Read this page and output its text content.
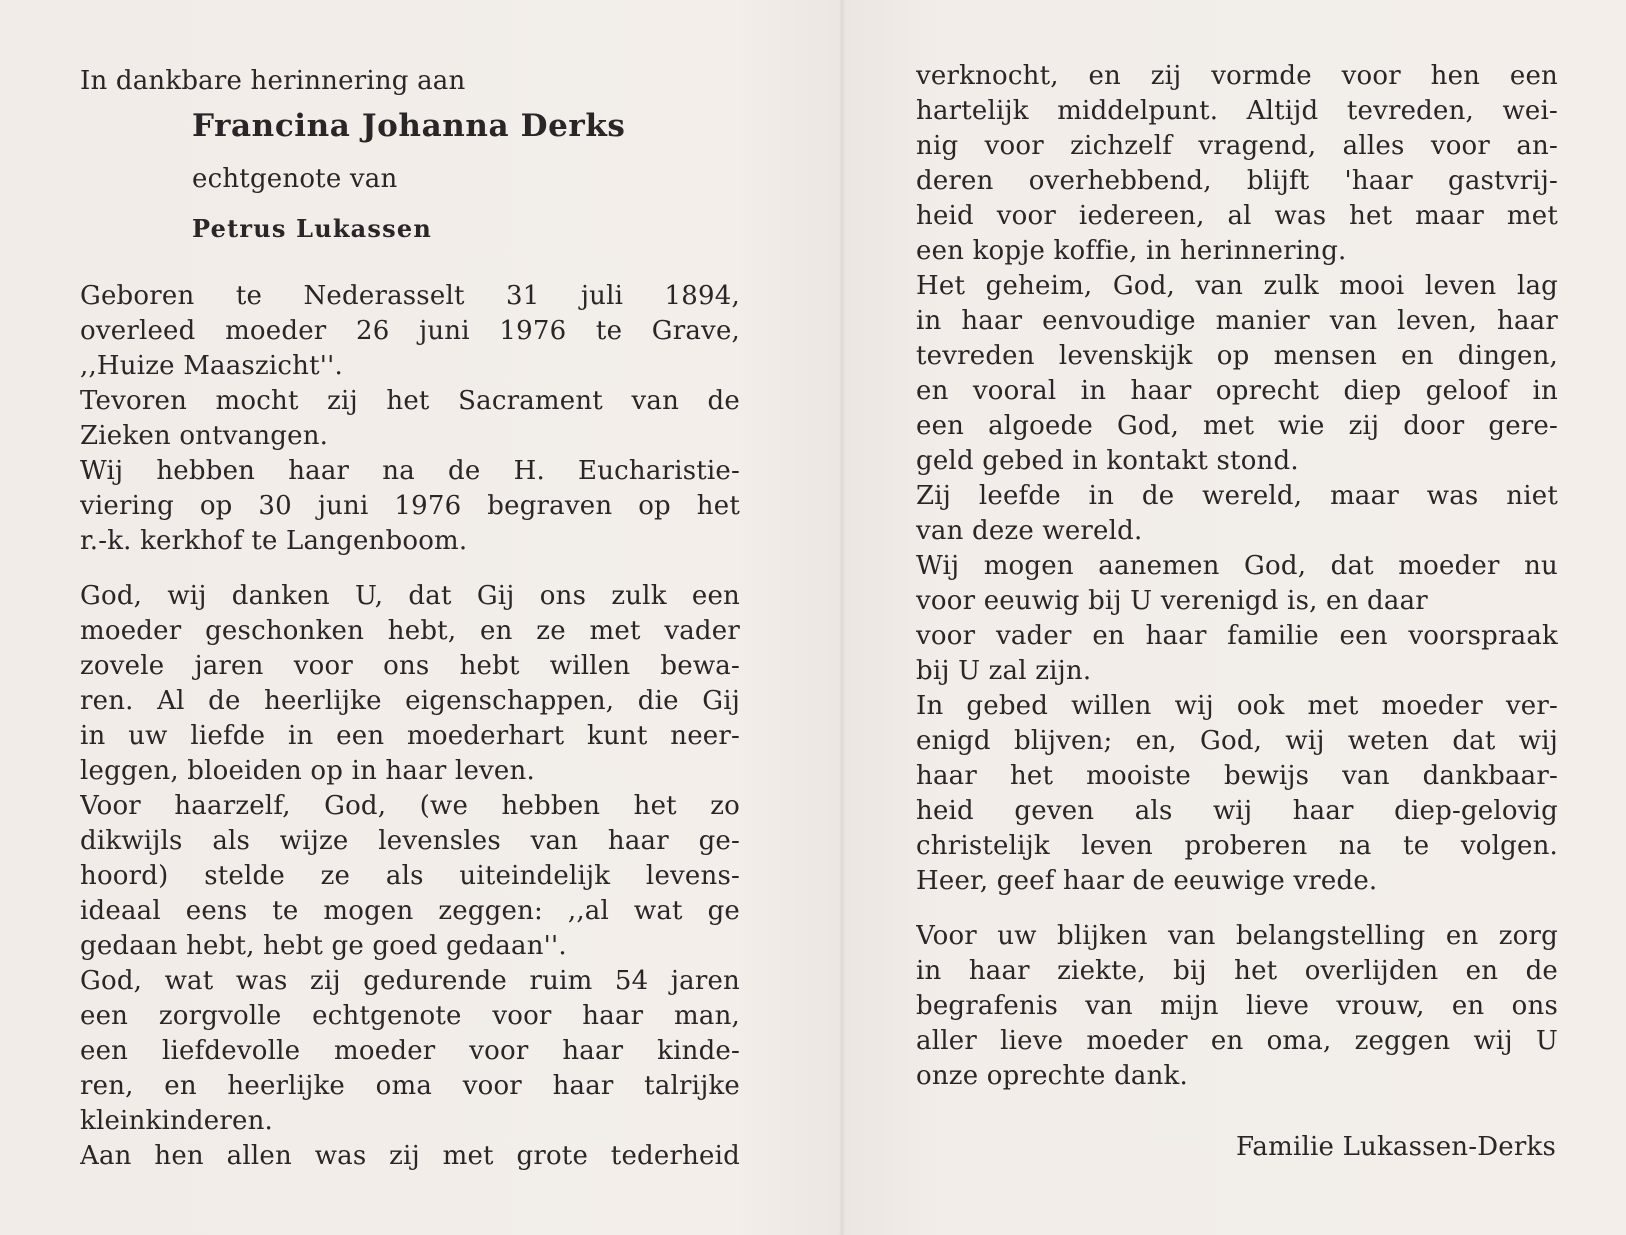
In dankbare herinnering aan
Francina Johanna Derks
echtgenote van
Petrus Lukassen
Geboren te Nederasselt 31 juli 1894,
overleed moeder 26 juni 1976 te Grave,
,,Huize Maaszicht''.
Tevoren mocht zij het Sacrament van de
Zieken ontvangen.
Wij hebben haar na de H. Eucharistie-
viering op 30 juni 1976 begraven op het
r.-k. kerkhof te Langenboom.
God, wij danken U, dat Gij ons zulk een
moeder geschonken hebt, en ze met vader
zovele jaren voor ons hebt willen bewa-
ren. Al de heerlijke eigenschappen, die Gij
in uw liefde in een moederhart kunt neer-
leggen, bloeiden op in haar leven.
Voor haarzelf, God, (we hebben het zo
dikwijls als wijze levensles van haar ge-
hoord) stelde ze als uiteindelijk levens-
ideaal eens te mogen zeggen: ,,al wat ge
gedaan hebt, hebt ge goed gedaan''.
God, wat was zij gedurende ruim 54 jaren
een zorgvolle echtgenote voor haar man,
een liefdevolle moeder voor haar kinde-
ren, en heerlijke oma voor haar talrijke
kleinkinderen.
Aan hen allen was zij met grote tederheid
verknocht, en zij vormde voor hen een
hartelijk middelpunt. Altijd tevreden, wei-
nig voor zichzelf vragend, alles voor an-
deren overhebbend, blijft 'haar gastvrij-
heid voor iedereen, al was het maar met
een kopje koffie, in herinnering.
Het geheim, God, van zulk mooi leven lag
in haar eenvoudige manier van leven, haar
tevreden levenskijk op mensen en dingen,
en vooral in haar oprecht diep geloof in
een algoede God, met wie zij door gere-
geld gebed in kontakt stond.
Zij leefde in de wereld, maar was niet
van deze wereld.
Wij mogen aanemen God, dat moeder nu
voor eeuwig bij U verenigd is, en daar
voor vader en haar familie een voorspraak
bij U zal zijn.
In gebed willen wij ook met moeder ver-
enigd blijven; en, God, wij weten dat wij
haar het mooiste bewijs van dankbaar-
heid geven als wij haar diep-gelovig
christelijk leven proberen na te volgen.
Heer, geef haar de eeuwige vrede.
Voor uw blijken van belangstelling en zorg
in haar ziekte, bij het overlijden en de
begrafenis van mijn lieve vrouw, en ons
aller lieve moeder en oma, zeggen wij U
onze oprechte dank.
Familie Lukassen-Derks
